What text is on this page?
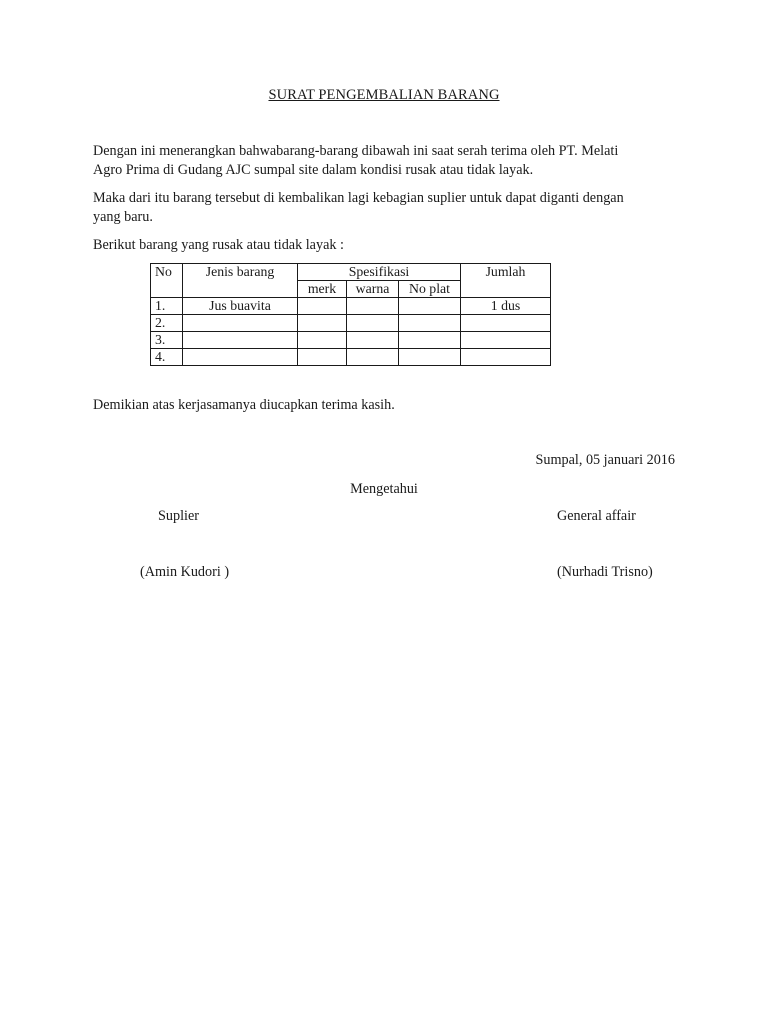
SURAT PENGEMBALIAN BARANG
Dengan ini menerangkan bahwabarang-barang dibawah ini saat serah terima oleh PT. Melati
Agro Prima di Gudang AJC sumpal site dalam kondisi rusak atau tidak layak.
Maka dari itu barang tersebut di kembalikan lagi kebagian suplier untuk dapat diganti dengan
yang baru.
Berikut barang yang rusak atau tidak layak :
No	Jenis barang	Spesifikasi			Jumlah
		merk	warna	No plat	
1.	Jus buavita				1 dus
2.					
3.					
4.					
Demikian atas kerjasamanya diucapkan terima kasih.
Sumpal, 05 januari 2016
Mengetahui
Suplier	General affair
(Amin Kudori )	(Nurhadi Trisno)
